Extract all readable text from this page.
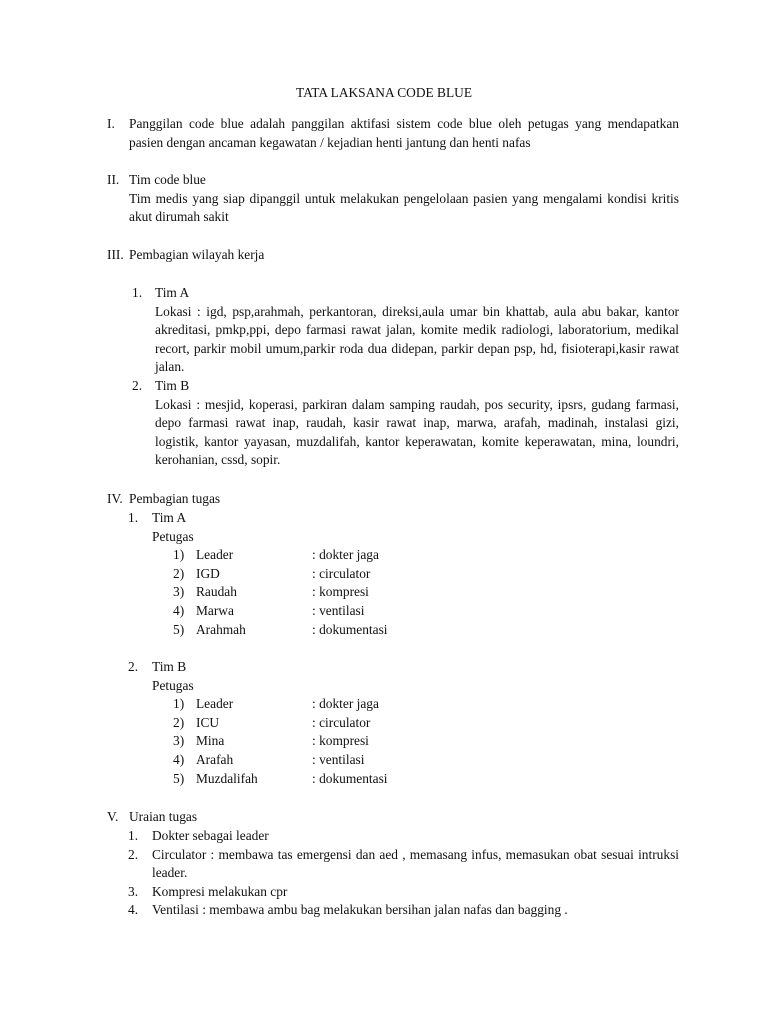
TATA LAKSANA CODE BLUE
I. Panggilan code blue adalah panggilan aktifasi sistem code blue oleh petugas yang mendapatkan pasien dengan ancaman kegawatan / kejadian henti jantung dan henti nafas
II. Tim code blue
Tim medis yang siap dipanggil untuk melakukan pengelolaan pasien yang mengalami kondisi kritis akut dirumah sakit
III. Pembagian wilayah kerja
1. Tim A
Lokasi : igd, psp,arahmah, perkantoran, direksi,aula umar bin khattab, aula abu bakar, kantor akreditasi, pmkp,ppi, depo farmasi rawat jalan, komite medik radiologi, laboratorium, medikal recort, parkir mobil umum,parkir roda dua didepan, parkir depan psp, hd, fisioterapi,kasir rawat jalan.
2. Tim B
Lokasi : mesjid, koperasi, parkiran dalam samping raudah, pos security, ipsrs, gudang farmasi, depo farmasi rawat inap, raudah, kasir rawat inap, marwa, arafah, madinah, instalasi gizi, logistik, kantor yayasan, muzdalifah, kantor keperawatan, komite keperawatan, mina, loundri, kerohanian, cssd, sopir.
IV. Pembagian tugas
1. Tim A
Petugas
1) Leader	: dokter jaga
2) IGD	: circulator
3) Raudah	: kompresi
4) Marwa	: ventilasi
5) Arahmah	: dokumentasi
2. Tim B
Petugas
1) Leader	: dokter jaga
2) ICU	: circulator
3) Mina	: kompresi
4) Arafah	: ventilasi
5) Muzdalifah	: dokumentasi
V. Uraian tugas
1. Dokter sebagai leader
2. Circulator : membawa tas emergensi dan aed , memasang infus, memasukan obat sesuai intruksi leader.
3. Kompresi melakukan cpr
4. Ventilasi : membawa ambu bag melakukan bersihan jalan nafas dan bagging .
